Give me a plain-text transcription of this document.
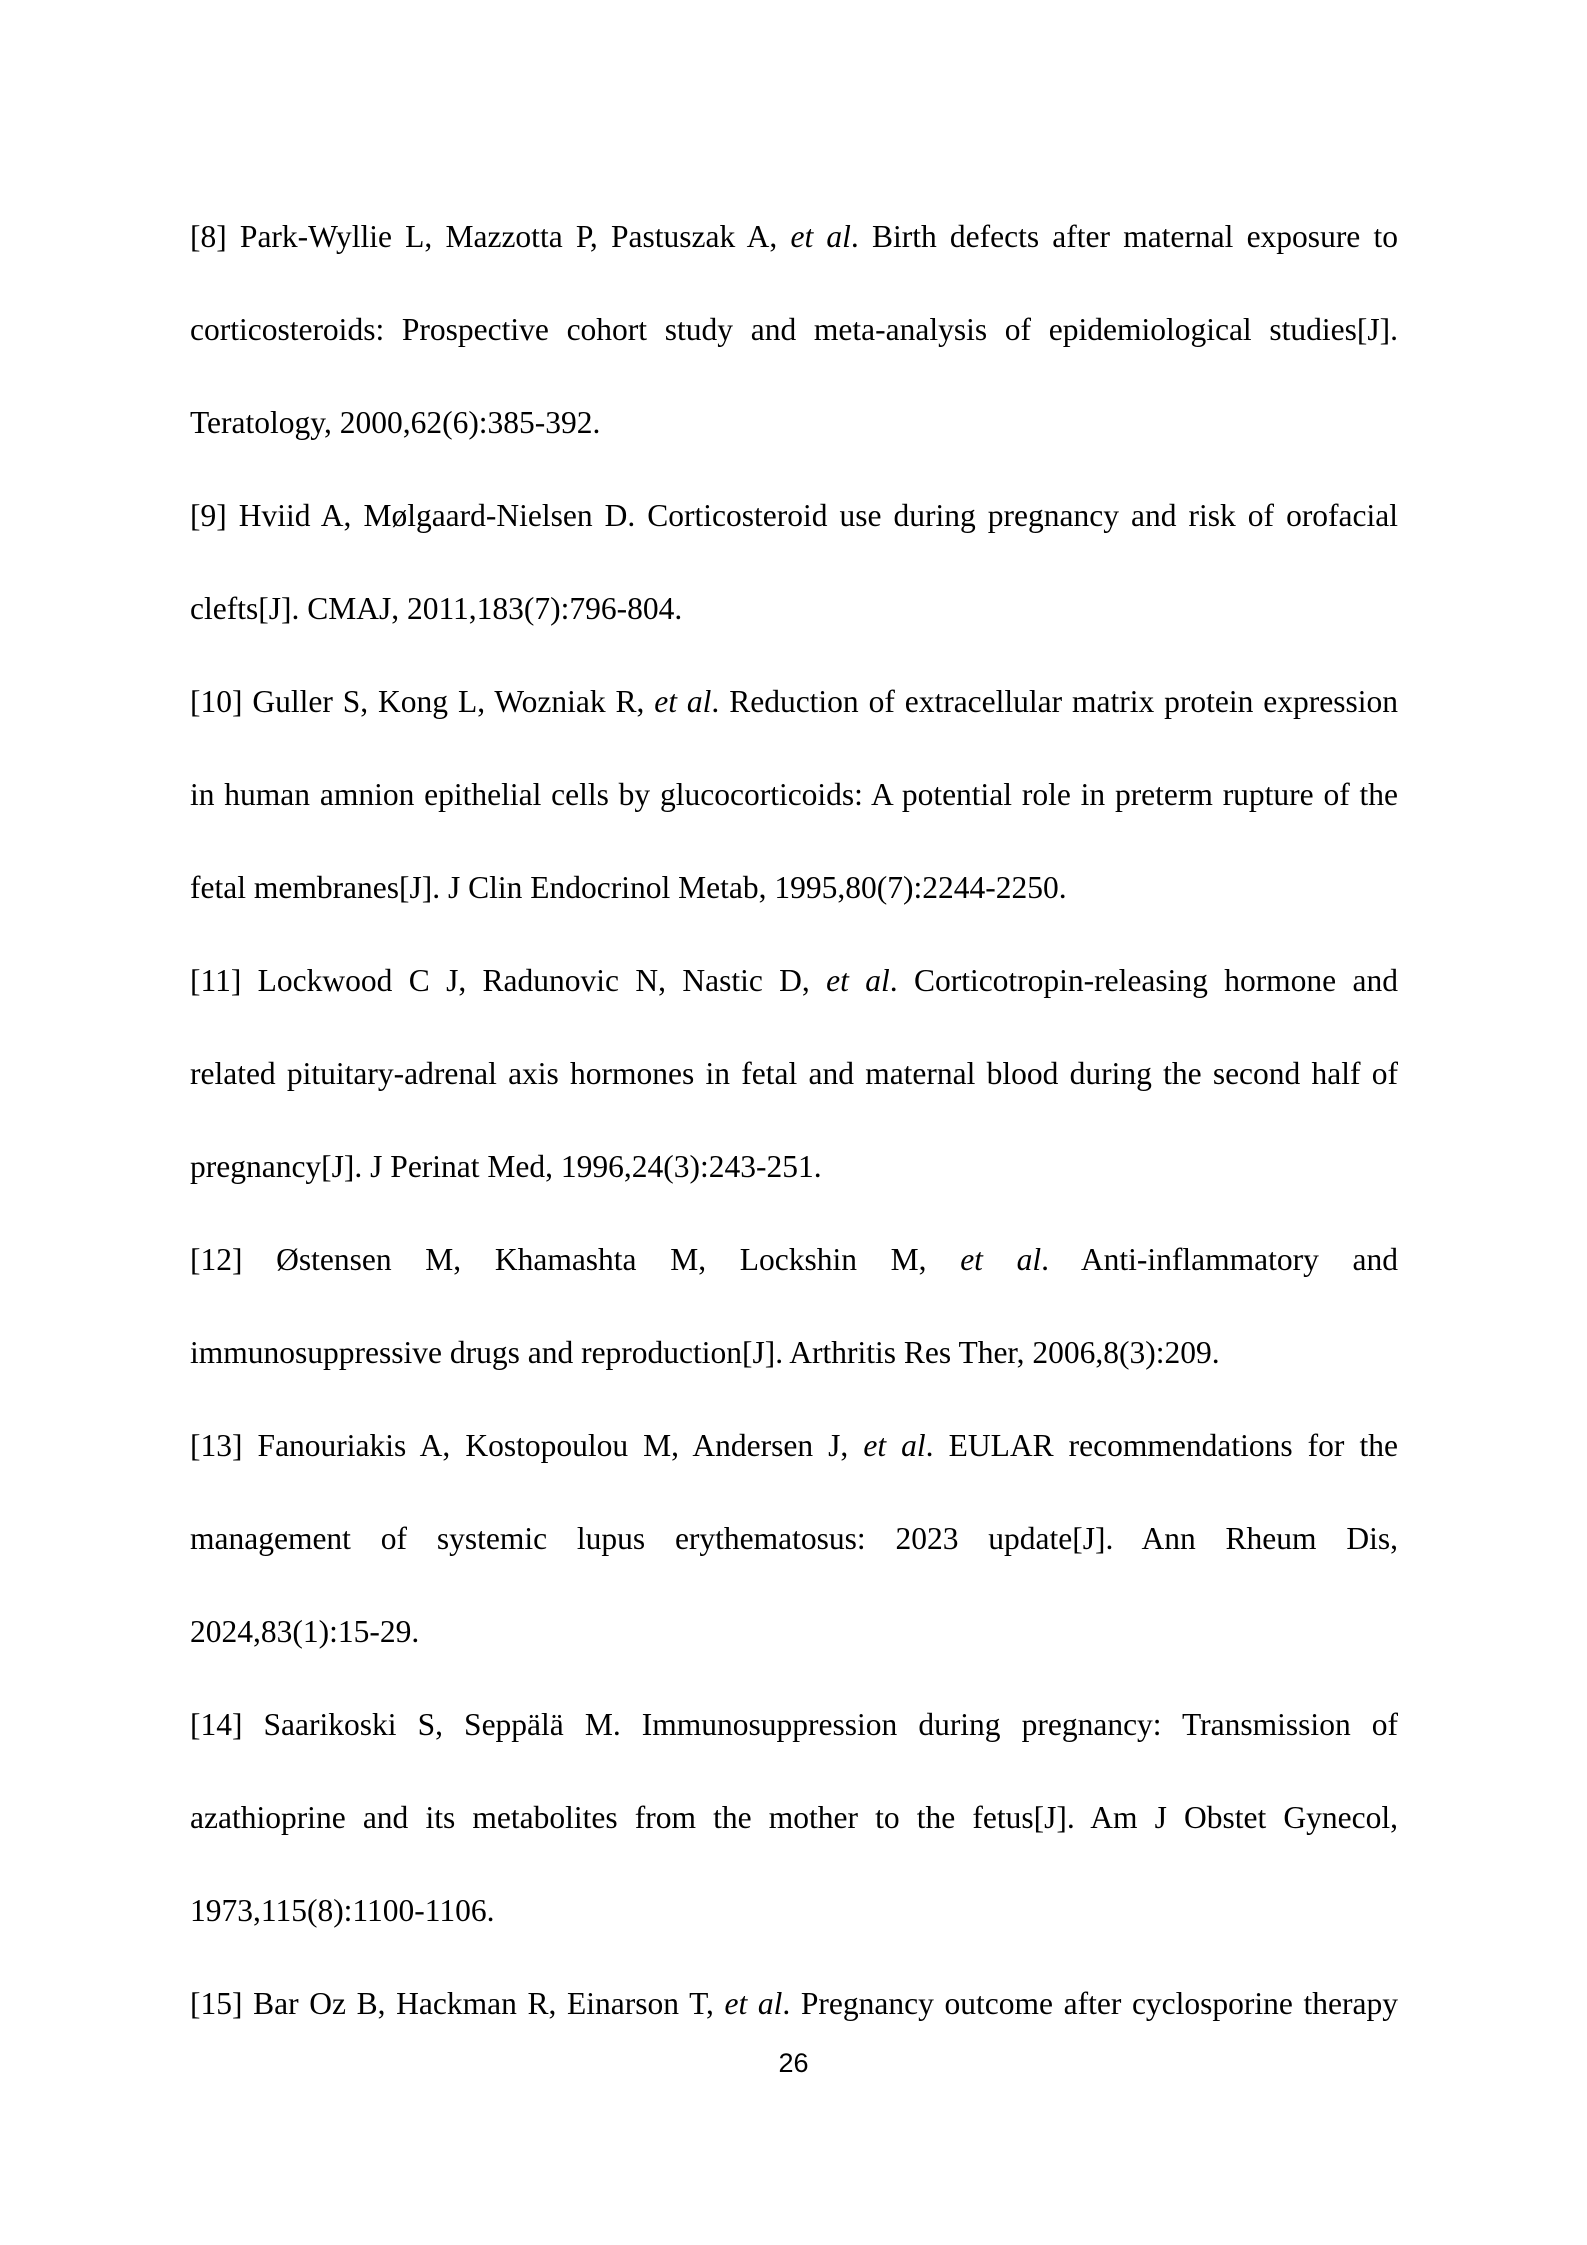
[8] Park-Wyllie L, Mazzotta P, Pastuszak A, et al. Birth defects after maternal exposure to
corticosteroids: Prospective cohort study and meta-analysis of epidemiological studies[J].
Teratology, 2000,62(6):385-392.
[9] Hviid A, Mølgaard-Nielsen D. Corticosteroid use during pregnancy and risk of orofacial
clefts[J]. CMAJ, 2011,183(7):796-804.
[10] Guller S, Kong L, Wozniak R, et al. Reduction of extracellular matrix protein expression
in human amnion epithelial cells by glucocorticoids: A potential role in preterm rupture of the
fetal membranes[J]. J Clin Endocrinol Metab, 1995,80(7):2244-2250.
[11] Lockwood C J, Radunovic N, Nastic D, et al. Corticotropin-releasing hormone and
related pituitary-adrenal axis hormones in fetal and maternal blood during the second half of
pregnancy[J]. J Perinat Med, 1996,24(3):243-251.
[12] Østensen M, Khamashta M, Lockshin M, et al. Anti-inflammatory and
immunosuppressive drugs and reproduction[J]. Arthritis Res Ther, 2006,8(3):209.
[13] Fanouriakis A, Kostopoulou M, Andersen J, et al. EULAR recommendations for the
management of systemic lupus erythematosus: 2023 update[J]. Ann Rheum Dis,
2024,83(1):15-29.
[14] Saarikoski S, Seppälä M. Immunosuppression during pregnancy: Transmission of
azathioprine and its metabolites from the mother to the fetus[J]. Am J Obstet Gynecol,
1973,115(8):1100-1106.
[15] Bar Oz B, Hackman R, Einarson T, et al. Pregnancy outcome after cyclosporine therapy
26
